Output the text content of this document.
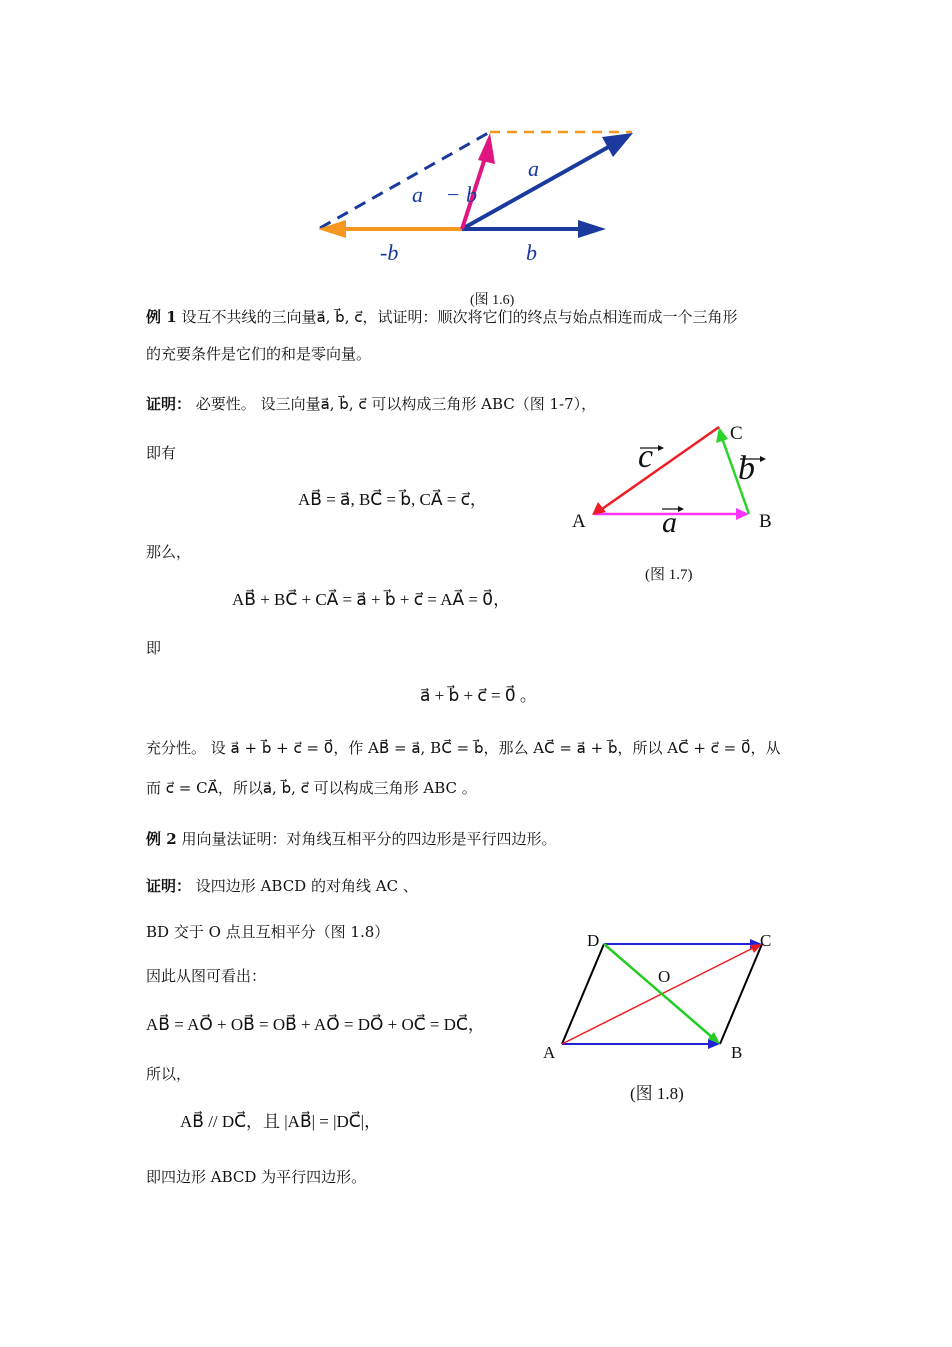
a⃗
a⃗ − b⃗
-b⃗	b⃗
(图 1.6)
例 1 设互不共线的三向量a⃗, b⃗, c⃗，试证明：顺次将它们的终点与始点相连而成一个三角形
的充要条件是它们的和是零向量。
证明： 必要性。 设三向量a⃗, b⃗, c⃗ 可以构成三角形 ABC（图 1-7），
即有
AB⃗ = a⃗, BC⃗ = b⃗, CA⃗ = c⃗，
那么，
AB⃗ + BC⃗ + CA⃗ = a⃗ + b⃗ + c⃗ = AA⃗ = 0⃗，
即
a⃗ + b⃗ + c⃗ = 0⃗ 。
充分性。 设 a⃗ + b⃗ + c⃗ = 0⃗，作 AB⃗ = a⃗, BC⃗ = b⃗，那么 AC⃗ = a⃗ + b⃗，所以 AC⃗ + c⃗ = 0⃗，从
而 c⃗ = CA⃗，所以a⃗, b⃗, c⃗ 可以构成三角形 ABC 。
C
A	B
c b
a
(图 1.7)
例 2 用向量法证明：对角线互相平分的四边形是平行四边形。
证明： 设四边形 ABCD 的对角线 AC 、
BD 交于 O 点且互相平分（图 1.8）
因此从图可看出：
AB⃗ = AO⃗ + OB⃗ = OB⃗ + AO⃗ = DO⃗ + OC⃗ = DC⃗，
所以，
AB⃗ // DC⃗，且 |AB⃗| = |DC⃗|，
即四边形 ABCD 为平行四边形。
D	C
O
A	B
(图 1.8)
